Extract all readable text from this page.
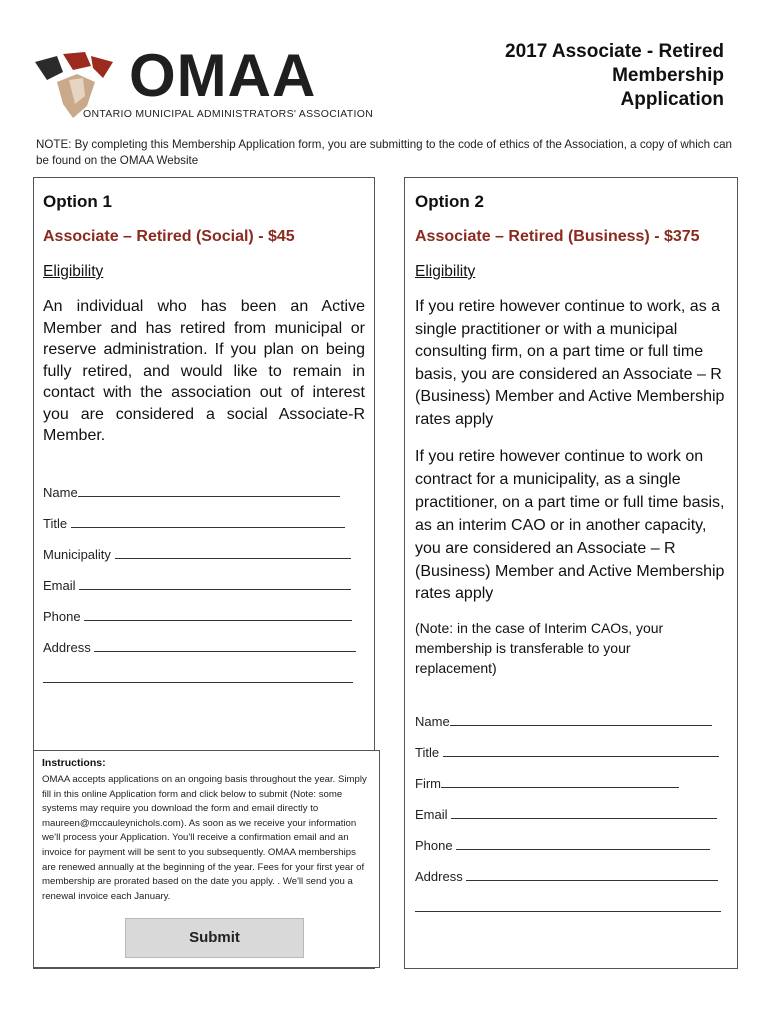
OMAA
ONTARIO MUNICIPAL ADMINISTRATORS' ASSOCIATION
2017 Associate - Retired
Membership
Application
NOTE: By completing this Membership Application form, you are submitting to the code of ethics of the Association, a copy of which can be found on the OMAA Website
Option 1
Associate – Retired (Social) - $45
Eligibility
An individual who has been an Active Member and has retired from municipal or reserve administration. If you plan on being fully retired, and would like to remain in contact with the association out of interest you are considered a social Associate-R Member.
Name
Title
Municipality
Email
Phone
Address
Instructions:
OMAA accepts applications on an ongoing basis throughout the year. Simply fill in this online Application form and click below to submit (Note: some systems may require you download the form and email directly to maureen@mccauleynichols.com). As soon as we receive your information we'll process your Application. You'll receive a confirmation email and an invoice for payment will be sent to you subsequently. OMAA memberships are renewed annually at the beginning of the year. Fees for your first year of membership are prorated based on the date you apply. . We'll send you a renewal invoice each January.
Submit
Option 2
Associate – Retired (Business) - $375
Eligibility
If you retire however continue to work, as a single practitioner or with a municipal consulting firm, on a part time or full time basis, you are considered an Associate – R (Business) Member and Active Membership rates apply
If you retire however continue to work on contract for a municipality, as a single practitioner, on a part time or full time basis, as an interim CAO or in another capacity, you are considered an Associate – R (Business) Member and Active Membership rates apply
(Note: in the case of Interim CAOs, your membership is transferable to your replacement)
Name
Title
Firm
Email
Phone
Address
